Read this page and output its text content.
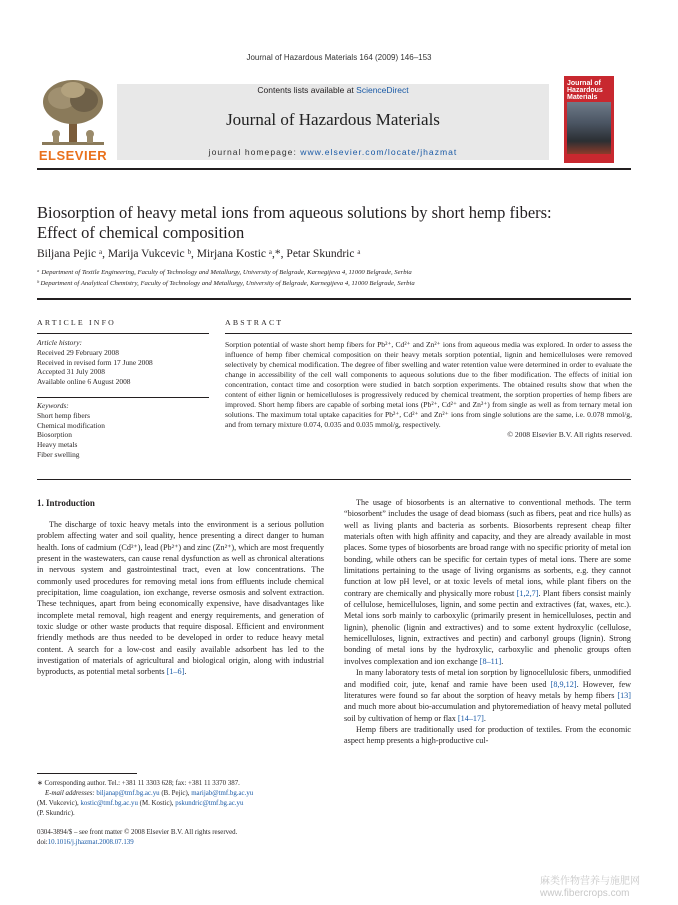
Journal of Hazardous Materials 164 (2009) 146–153
ELSEVIER
Contents lists available at ScienceDirect
Journal of Hazardous Materials
journal homepage: www.elsevier.com/locate/jhazmat
Journal of Hazardous Materials
Biosorption of heavy metal ions from aqueous solutions by short hemp fibers:
Effect of chemical composition
Biljana Pejic ᵃ, Marija Vukcevic ᵇ, Mirjana Kostic ᵃ,*, Petar Skundric ᵃ
ᵃ Department of Textile Engineering, Faculty of Technology and Metallurgy, University of Belgrade, Karnegijeva 4, 11000 Belgrade, Serbia
ᵇ Department of Analytical Chemistry, Faculty of Technology and Metallurgy, University of Belgrade, Karnegijeva 4, 11000 Belgrade, Serbia
ARTICLE INFO
Article history:
Received 29 February 2008
Received in revised form 17 June 2008
Accepted 31 July 2008
Available online 6 August 2008
Keywords:
Short hemp fibers
Chemical modification
Biosorption
Heavy metals
Fiber swelling
ABSTRACT
Sorption potential of waste short hemp fibers for Pb²⁺, Cd²⁺ and Zn²⁺ ions from aqueous media was explored. In order to assess the influence of hemp fiber chemical composition on their heavy metals sorption potential, lignin and hemicelluloses were removed selectively by chemical modification. The degree of fiber swelling and water retention value were determined in order to evaluate the change in accessibility of the cell wall components to aqueous solutions due to the fiber modification. The effects of initial ion concentration, contact time and cosorption were studied in batch sorption experiments. The obtained results show that when the content of either lignin or hemicelluloses is progressively reduced by chemical treatment, the sorption properties of hemp fibers are improved. Short hemp fibers are capable of sorbing metal ions (Pb²⁺, Cd²⁺ and Zn²⁺) from single as well as from ternary metal ion solutions. The maximum total uptake capacities for Pb²⁺, Cd²⁺ and Zn²⁺ ions from single solutions are the same, i.e. 0.078 mmol/g, and from ternary mixture 0.074, 0.035 and 0.035 mmol/g, respectively.
© 2008 Elsevier B.V. All rights reserved.
1. Introduction

The discharge of toxic heavy metals into the environment is a serious pollution problem affecting water and soil quality, hence presenting a direct danger to human health. Ions of cadmium (Cd²⁺), lead (Pb²⁺) and zinc (Zn²⁺), which are most frequently present in the wastewaters, can cause renal dysfunction as well as chronical alterations in nervous system and gastrointestinal tract, even at low concentrations. The commonly used procedures for removing metal ions from effluents include chemical precipitation, lime coagulation, ion exchange, reverse osmosis and solvent extraction. These techniques, apart from being economically expensive, have disadvantages like incomplete metal removal, high reagent and energy requirements, and generation of toxic sludge or other waste products that require disposal. Efficient and environment friendly methods are thus needed to be developed in order to reduce heavy metal content. A search for a low-cost and easily available adsorbent has led to the investigation of materials of agricultural and biological origin, along with industrial byproducts, as potential metal sorbents [1–6].

The usage of biosorbents is an alternative to conventional methods. The term “biosorbent” includes the usage of dead biomass (such as fibers, peat and rice hulls) as well as living plants and bacteria as sorbents. Biosorbents represent cheap filter materials often with high affinity and capacity, and they are already available in most places. Some types of biosorbents are broad range with no specific priority of metal ion bonding, while others can be specific for certain types of metal ions. There are some limitations pertaining to the usage of living organisms as sorbents, e.g. they cannot function at low pH level, or at toxic levels of metal ions, while plant fibers on the contrary are chemically and physically more robust [1,2,7]. Plant fibers consist mainly of cellulose, hemicelluloses, lignin, and some pectin and extractives (fat, waxes, etc.). Metal ions sorb mainly to carboxylic (primarily present in hemicelluloses, pectin and lignin), phenolic (lignin and extractives) and to some extent hydroxylic (cellulose, hemicelluloses, lignin, extractives and pectin) and carbonyl groups (lignin). Strong bonding of metal ions by the hydroxylic, carboxylic and phenolic groups often involves complexation and ion exchange [8–11].

In many laboratory tests of metal ion sorption by lignocellulosic fibers, unmodified and modified coir, jute, kenaf and ramie have been used [8,9,12]. However, few literatures were found so far about the sorption of heavy metals by hemp fibers [13] and much more about bio-accumulation and phytoremediation of heavy metal polluted soil by cultivation of hemp or flax [14–17].

Hemp fibers are traditionally used for production of textiles. From the economic aspect hemp presents a high-productive cul-

∗ Corresponding author. Tel.: +381 11 3303 628; fax: +381 11 3370 387.
E-mail addresses: biljanap@tmf.bg.ac.yu (B. Pejic), marijab@tmf.bg.ac.yu
(M. Vukcevic), kostic@tmf.bg.ac.yu (M. Kostic), pskundric@tmf.bg.ac.yu
(P. Skundric).
0304-3894/$ – see front matter © 2008 Elsevier B.V. All rights reserved.
doi:10.1016/j.jhazmat.2008.07.139
麻类作物营养与施肥网
www.fibercrops.com
